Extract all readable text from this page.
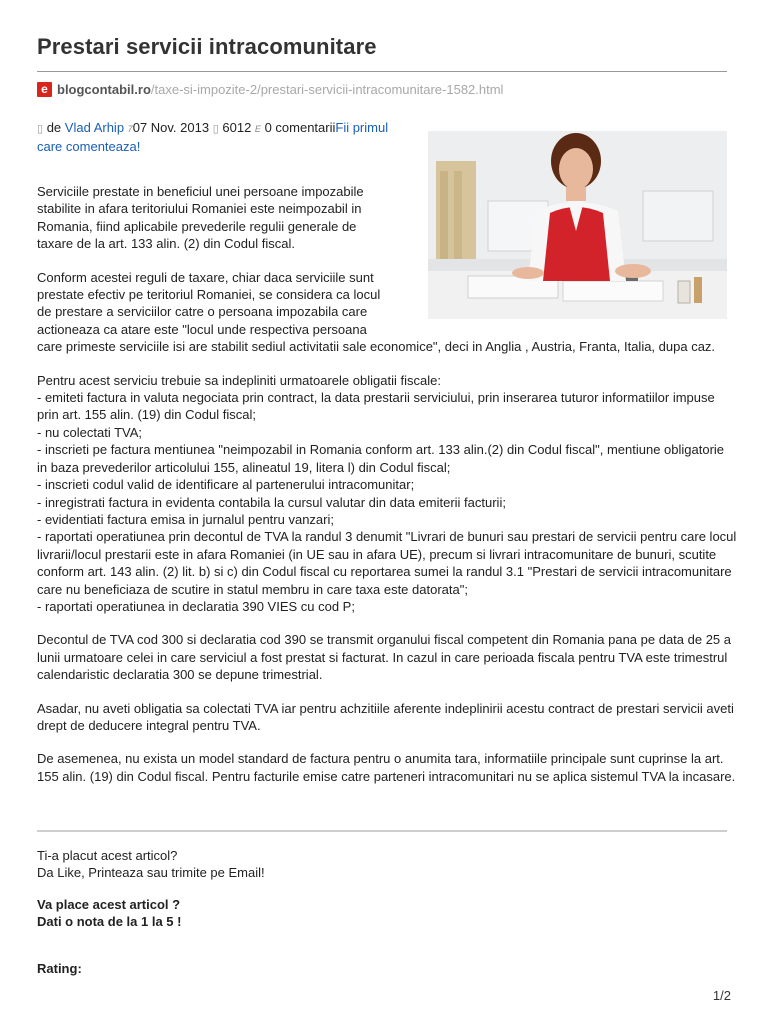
Prestari servicii intracomunitare
e blogcontabil.ro /taxe-si-impozite-2/prestari-servicii-intracomunitare-1582.html
▯ de Vlad Arhip 707 Nov. 2013 ▯ 6012 E 0 comentariiFii primul care comenteaza!

Serviciile prestate in beneficiul unei persoane impozabile stabilite in afara teritoriului Romaniei este neimpozabil in Romania, fiind aplicabile prevederile regulii generale de taxare de la art. 133 alin. (2) din Codul fiscal.

Conform acestei reguli de taxare, chiar daca serviciile sunt prestate efectiv pe teritoriul Romaniei, se considera ca locul de prestare a serviciilor catre o persoana impozabila care actioneaza ca atare este "locul unde respectiva persoana

care primeste serviciile isi are stabilit sediul activitatii sale economice", deci in Anglia , Austria, Franta, Italia, dupa caz.

Pentru acest serviciu trebuie sa indepliniti urmatoarele obligatii fiscale:
- emiteti factura in valuta negociata prin contract, la data prestarii serviciului, prin inserarea tuturor informatiilor impuse prin art. 155 alin. (19) din Codul fiscal;
- nu colectati TVA;
- inscrieti pe factura mentiunea "neimpozabil in Romania conform art. 133 alin.(2) din Codul fiscal", mentiune obligatorie in baza prevederilor articolului 155, alineatul 19, litera l) din Codul fiscal;
- inscrieti codul valid de identificare al partenerului intracomunitar;
- inregistrati factura in evidenta contabila la cursul valutar din data emiterii facturii;
- evidentiati factura emisa in jurnalul pentru vanzari;
- raportati operatiunea prin decontul de TVA la randul 3 denumit "Livrari de bunuri sau prestari de servicii pentru care locul livrarii/locul prestarii este in afara Romaniei (in UE sau in afara UE), precum si livrari intracomunitare de bunuri, scutite conform art. 143 alin. (2) lit. b) si c) din Codul fiscal cu reportarea sumei la randul 3.1 "Prestari de servicii intracomunitare care nu beneficiaza de scutire in statul membru in care taxa este datorata";
- raportati operatiunea in declaratia 390 VIES cu cod P;

Decontul de TVA cod 300 si declaratia cod 390 se transmit organului fiscal competent din Romania pana pe data de 25 a lunii urmatoare celei in care serviciul a fost prestat si facturat. In cazul in care perioada fiscala pentru TVA este trimestrul calendaristic declaratia 300 se depune trimestrial.

Asadar, nu aveti obligatia sa colectati TVA iar pentru achzitiile aferente indeplinirii acestu contract de prestari servicii aveti drept de deducere integral pentru TVA.

De asemenea, nu exista un model standard de factura pentru o anumita tara, informatiile principale sunt cuprinse la art. 155 alin. (19) din Codul fiscal. Pentru facturile emise catre parteneri intracomunitari nu se aplica sistemul TVA la incasare.

Ti-a placut acest articol?
Da Like, Printeaza sau trimite pe Email!

Va place acest articol ?
Dati o nota de la 1 la 5 !

Rating:
1/2
